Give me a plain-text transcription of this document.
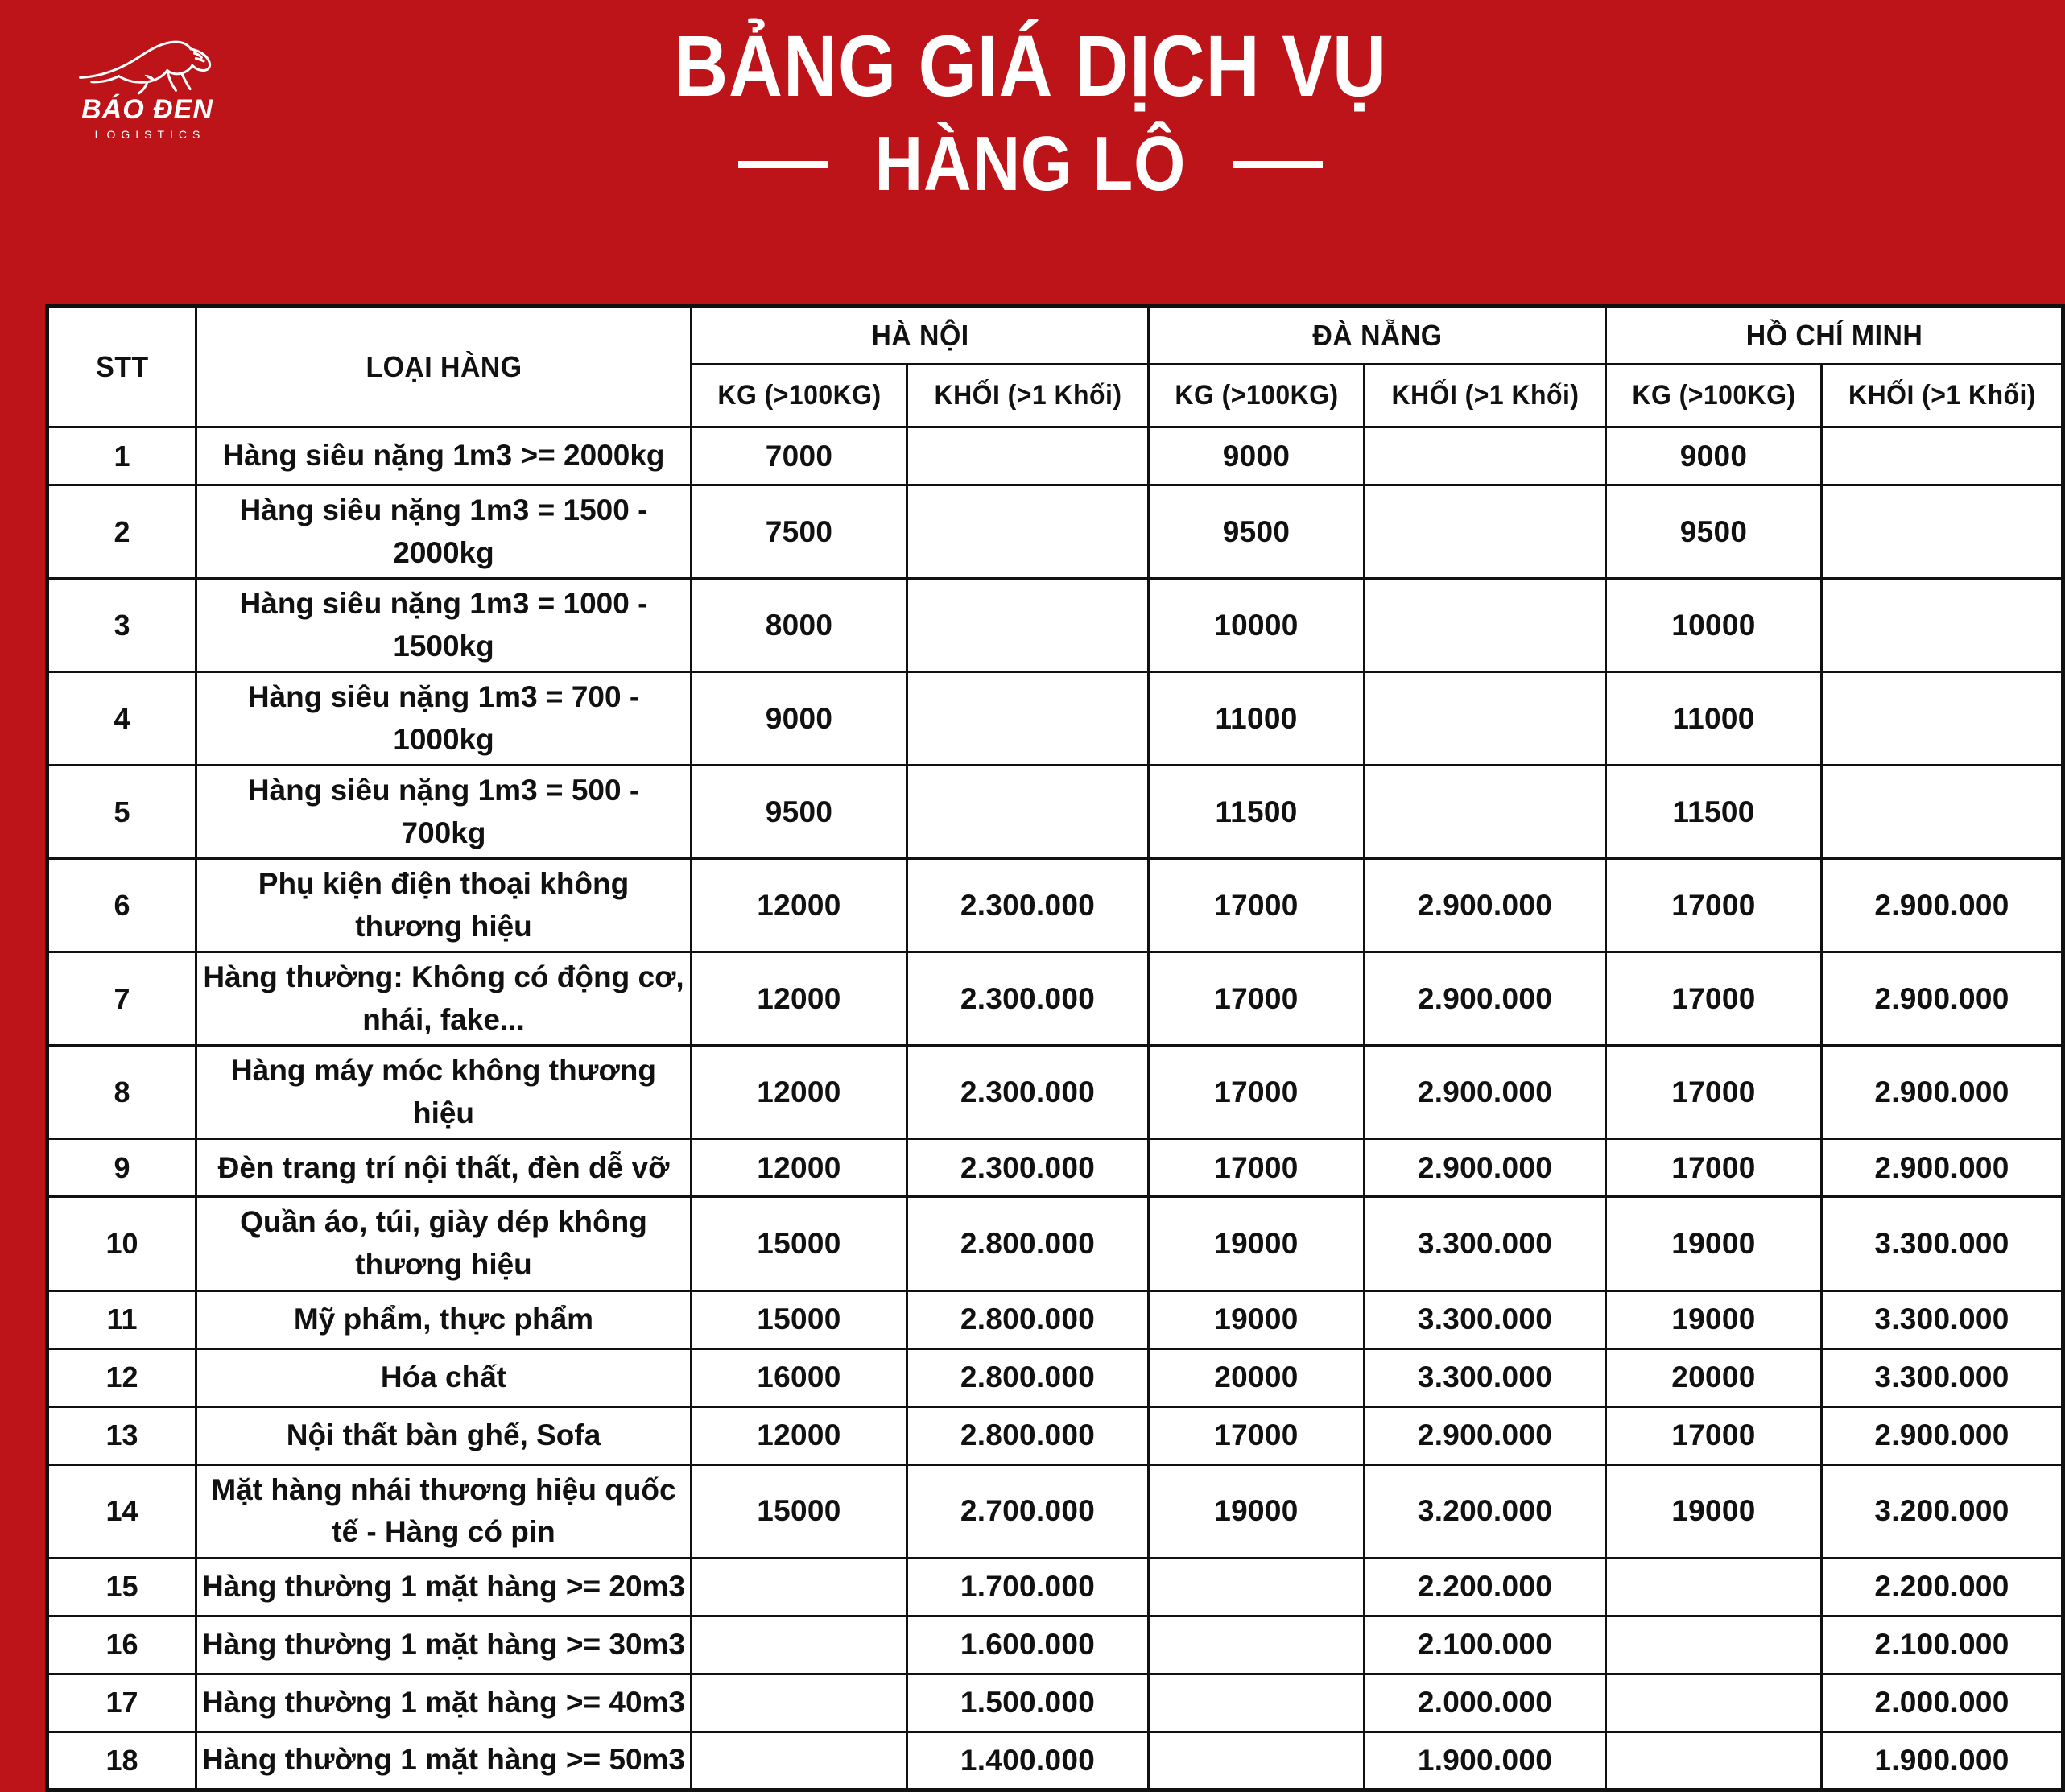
BÁO ĐEN
LOGISTICS
BẢNG GIÁ DỊCH VỤ
HÀNG LÔ
STT	LOẠI HÀNG	HÀ NỘI		ĐÀ NẴNG		HỒ CHÍ MINH	
		KG (>100KG)	KHỐI (>1 Khối)	KG (>100KG)	KHỐI (>1 Khối)	KG (>100KG)	KHỐI (>1 Khối)
1	Hàng siêu nặng 1m3 >= 2000kg	7000		9000		9000	
2	Hàng siêu nặng 1m3 = 1500 - 2000kg	7500		9500		9500	
3	Hàng siêu nặng 1m3 = 1000 - 1500kg	8000		10000		10000	
4	Hàng siêu nặng 1m3 = 700 - 1000kg	9000		11000		11000	
5	Hàng siêu nặng 1m3 = 500 - 700kg	9500		11500		11500	
6	Phụ kiện điện thoại không thương hiệu	12000	2.300.000	17000	2.900.000	17000	2.900.000
7	Hàng thường: Không có động cơ, nhái, fake...	12000	2.300.000	17000	2.900.000	17000	2.900.000
8	Hàng máy móc không thương hiệu	12000	2.300.000	17000	2.900.000	17000	2.900.000
9	Đèn trang trí nội thất, đèn dễ vỡ	12000	2.300.000	17000	2.900.000	17000	2.900.000
10	Quần áo, túi, giày dép không thương hiệu	15000	2.800.000	19000	3.300.000	19000	3.300.000
11	Mỹ phẩm, thực phẩm	15000	2.800.000	19000	3.300.000	19000	3.300.000
12	Hóa chất	16000	2.800.000	20000	3.300.000	20000	3.300.000
13	Nội thất bàn ghế, Sofa	12000	2.800.000	17000	2.900.000	17000	2.900.000
14	Mặt hàng nhái thương hiệu quốc tế - Hàng có pin	15000	2.700.000	19000	3.200.000	19000	3.200.000
15	Hàng thường 1 mặt hàng >= 20m3		1.700.000		2.200.000		2.200.000
16	Hàng thường 1 mặt hàng >= 30m3		1.600.000		2.100.000		2.100.000
17	Hàng thường 1 mặt hàng >= 40m3		1.500.000		2.000.000		2.000.000
18	Hàng thường 1 mặt hàng >= 50m3		1.400.000		1.900.000		1.900.000
